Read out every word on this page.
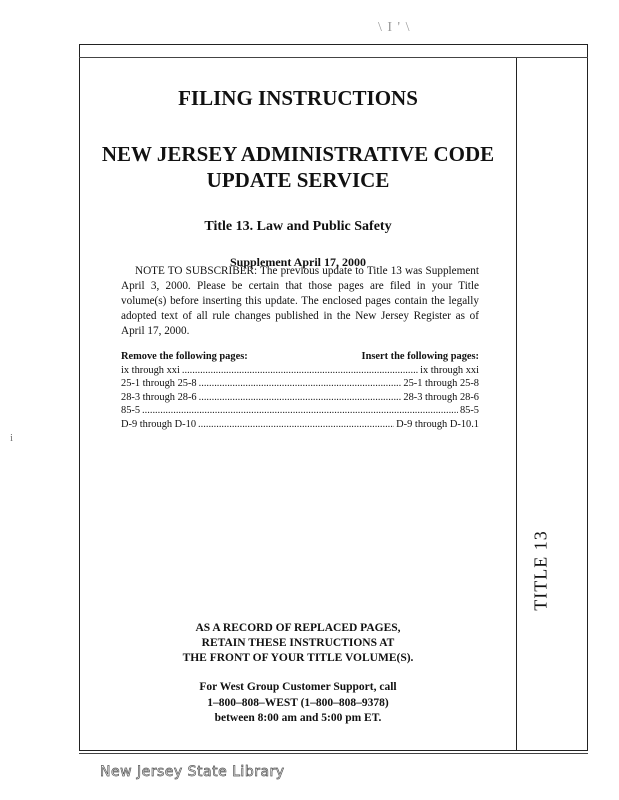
\ I ' \
i
TITLE 13
FILING INSTRUCTIONS
NEW JERSEY ADMINISTRATIVE CODE
UPDATE SERVICE
Title 13. Law and Public Safety
Supplement April 17, 2000
NOTE TO SUBSCRIBER: The previous update to Title 13 was Supplement April 3, 2000. Please be certain that those pages are filed in your Title volume(s) before inserting this update. The enclosed pages contain the legally adopted text of all rule changes published in the New Jersey Register as of April 17, 2000.
Remove the following pages:	Insert the following pages:
ix through xxi .....	ix through xxi
25-1 through 25-8 .....	25-1 through 25-8
28-3 through 28-6 .....	28-3 through 28-6
85-5 .....	85-5
D-9 through D-10 .....	D-9 through D-10.1
AS A RECORD OF REPLACED PAGES,
RETAIN THESE INSTRUCTIONS AT
THE FRONT OF YOUR TITLE VOLUME(S).
For West Group Customer Support, call
1–800–808–WEST (1–800–808–9378)
between 8:00 am and 5:00 pm ET.
New Jersey State Library
